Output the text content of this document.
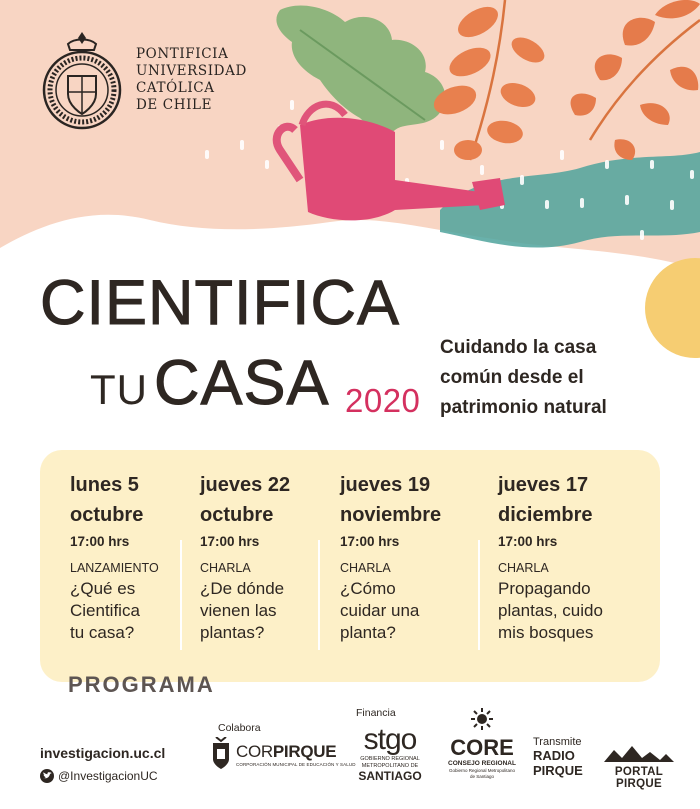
PONTIFICIA
UNIVERSIDAD
CATÓLICA
DE CHILE
CIENTIFICA
TUCASA 2020
Cuidando la casa
común desde el
patrimonio natural
lunes 5
octubre
17:00 hrs
LANZAMIENTO
¿Qué es
Cientifica
tu casa?
jueves 22
octubre
17:00 hrs
CHARLA
¿De dónde
vienen las
plantas?
jueves 19
noviembre
17:00 hrs
CHARLA
¿Cómo
cuidar una
planta?
jueves 17
diciembre
17:00 hrs
CHARLA
Propagando
plantas, cuido
mis bosques
PROGRAMA
investigacion.uc.cl
@InvestigacionUC
Colabora
CORPIRQUE
CORPORACIÓN MUNICIPAL DE EDUCACIÓN Y SALUD
Financia
stgo
GOBIERNO REGIONAL
METROPOLITANO DE
SANTIAGO
CORE
CONSEJO REGIONAL
Gobierno Regional Metropolitano
de Santiago
Transmite
RADIO
PIRQUE	PORTAL PIRQUE
